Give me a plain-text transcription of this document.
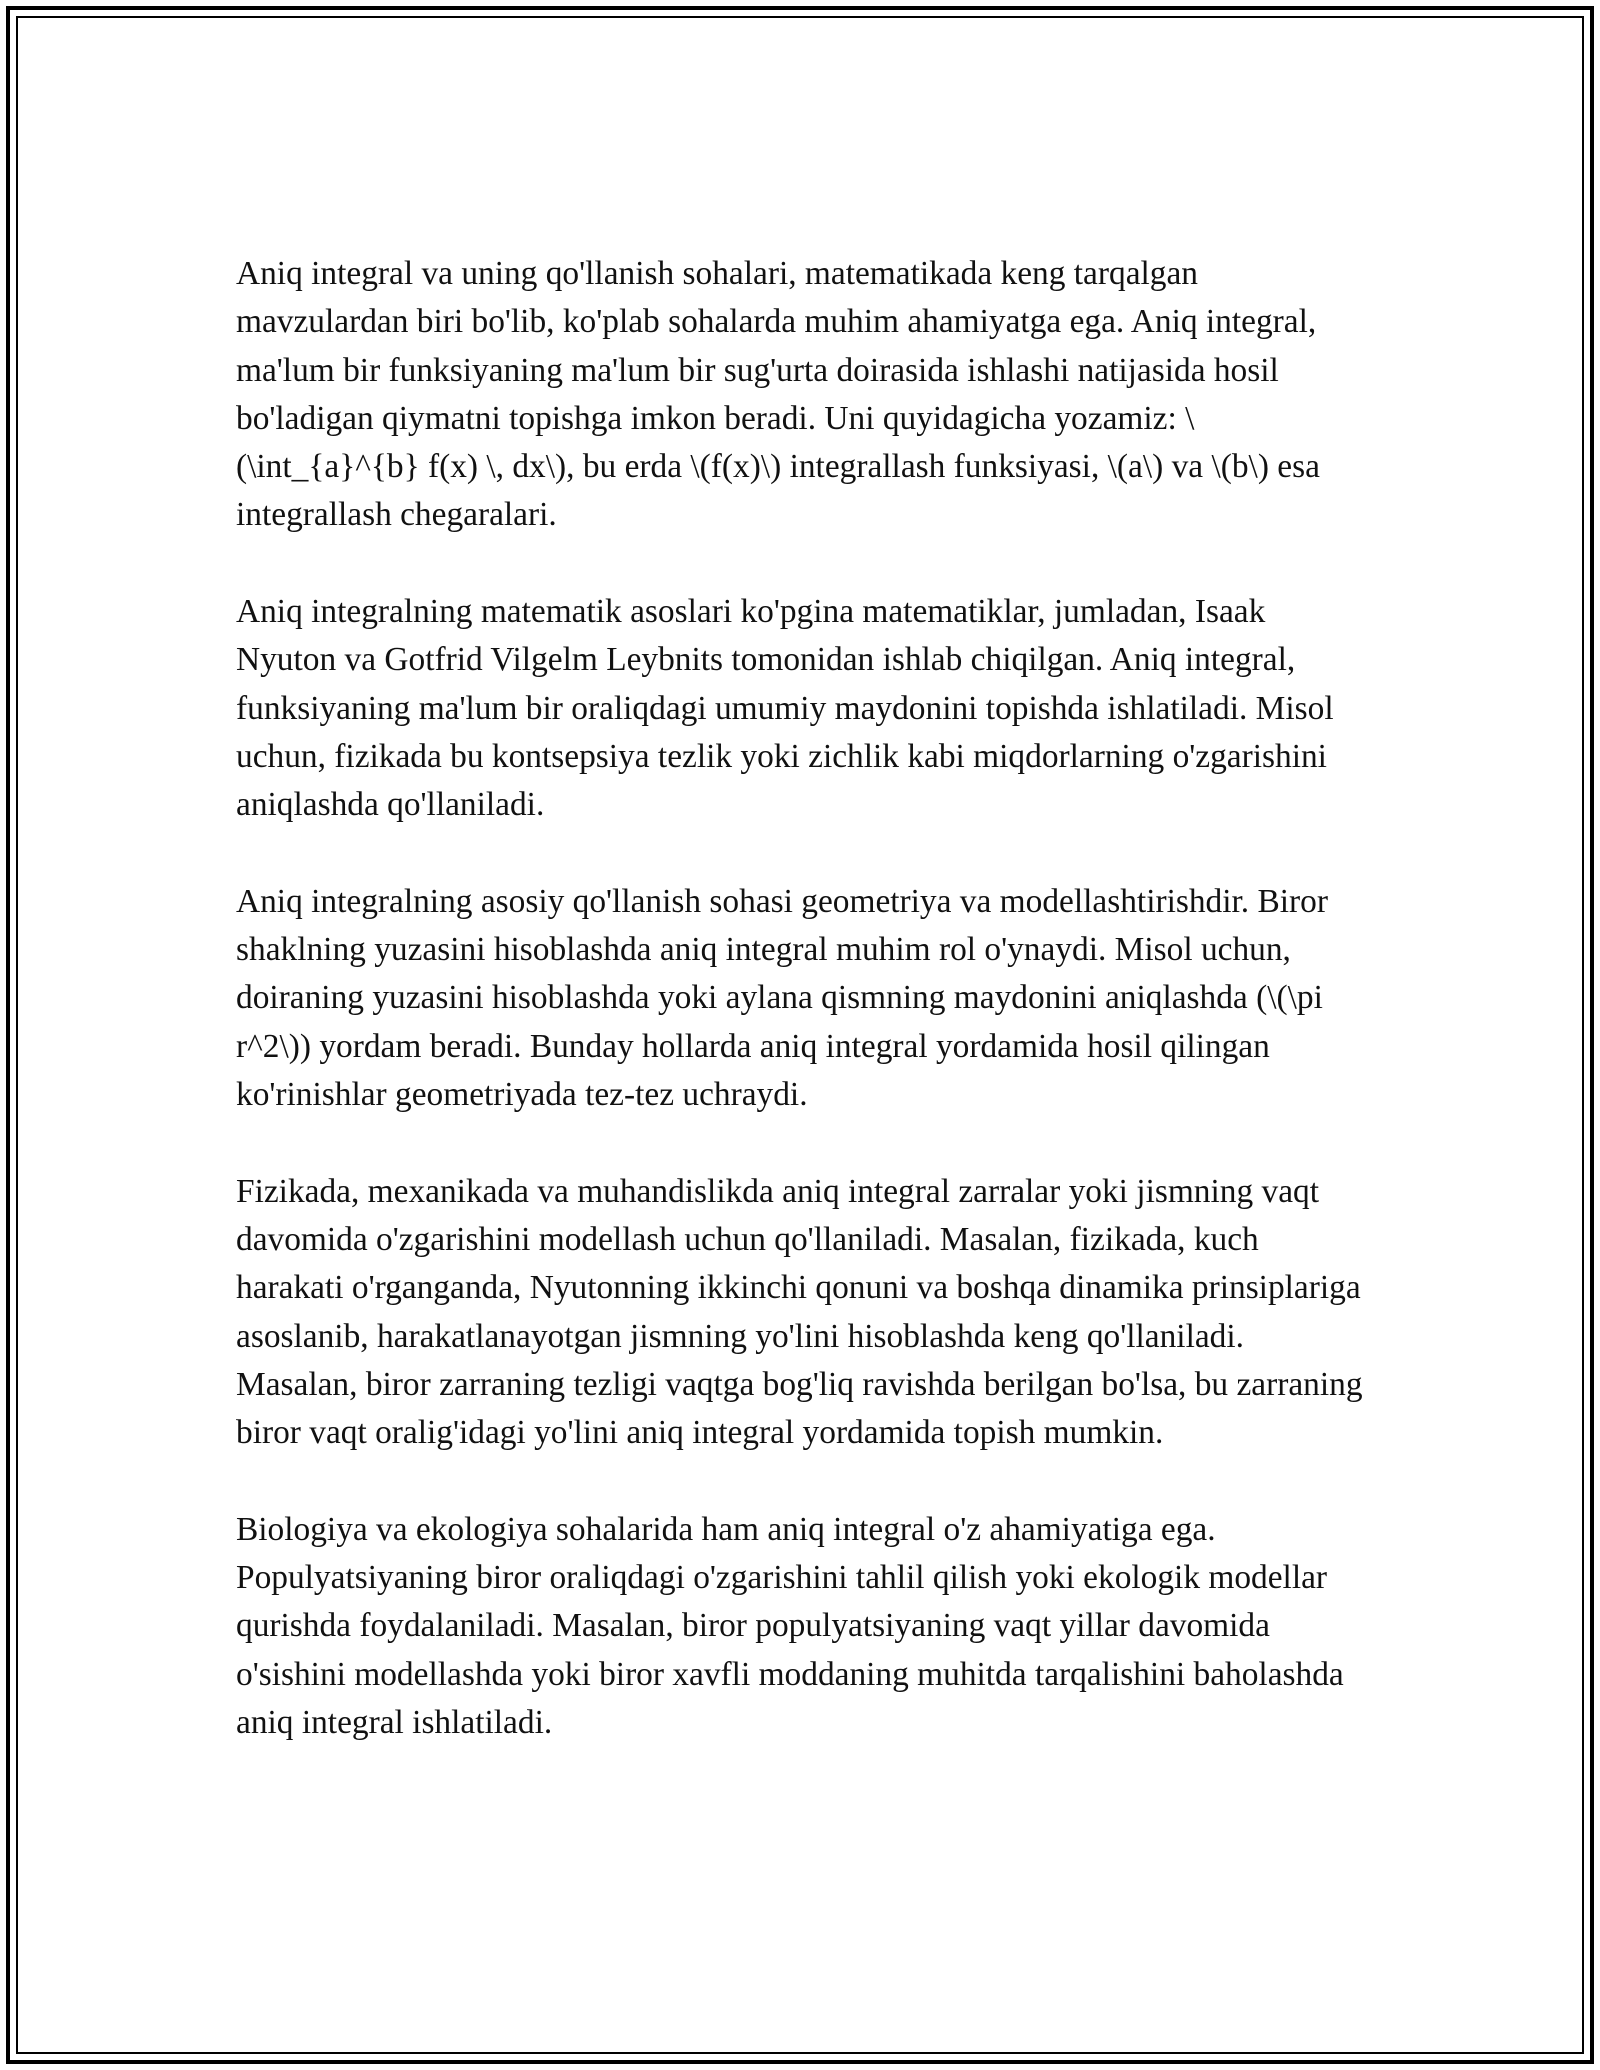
Aniq integral va uning qo'llanish sohalari, matematikada keng tarqalgan mavzulardan biri bo'lib, ko'plab sohalarda muhim ahamiyatga ega. Aniq integral, ma'lum bir funksiyaning ma'lum bir sug'urta doirasida ishlashi natijasida hosil bo'ladigan qiymatni topishga imkon beradi. Uni quyidagicha yozamiz: \(\int_{a}^{b} f(x) \, dx\), bu erda \(f(x)\) integrallash funksiyasi, \(a\) va \(b\) esa integrallash chegaralari.

Aniq integralning matematik asoslari ko'pgina matematiklar, jumladan, Isaak Nyuton va Gotfrid Vilgelm Leybnits tomonidan ishlab chiqilgan. Aniq integral, funksiyaning ma'lum bir oraliqdagi umumiy maydonini topishda ishlatiladi. Misol uchun, fizikada bu kontsepsiya tezlik yoki zichlik kabi miqdorlarning o'zgarishini aniqlashda qo'llaniladi.

Aniq integralning asosiy qo'llanish sohasi geometriya va modellashtirishdir. Biror shaklning yuzasini hisoblashda aniq integral muhim rol o'ynaydi. Misol uchun, doiraning yuzasini hisoblashda yoki aylana qismning maydonini aniqlashda (\(\pi r^2\)) yordam beradi. Bunday hollarda aniq integral yordamida hosil qilingan ko'rinishlar geometriyada tez-tez uchraydi.

Fizikada, mexanikada va muhandislikda aniq integral zarralar yoki jismning vaqt davomida o'zgarishini modellash uchun qo'llaniladi. Masalan, fizikada, kuch harakati o'rganganda, Nyutonning ikkinchi qonuni va boshqa dinamika prinsiplariga asoslanib, harakatlanayotgan jismning yo'lini hisoblashda keng qo'llaniladi. Masalan, biror zarraning tezligi vaqtga bog'liq ravishda berilgan bo'lsa, bu zarraning biror vaqt oralig'idagi yo'lini aniq integral yordamida topish mumkin.

Biologiya va ekologiya sohalarida ham aniq integral o'z ahamiyatiga ega. Populyatsiyaning biror oraliqdagi o'zgarishini tahlil qilish yoki ekologik modellar qurishda foydalaniladi. Masalan, biror populyatsiyaning vaqt yillar davomida o'sishini modellashda yoki biror xavfli moddaning muhitda tarqalishini baholashda aniq integral ishlatiladi.
